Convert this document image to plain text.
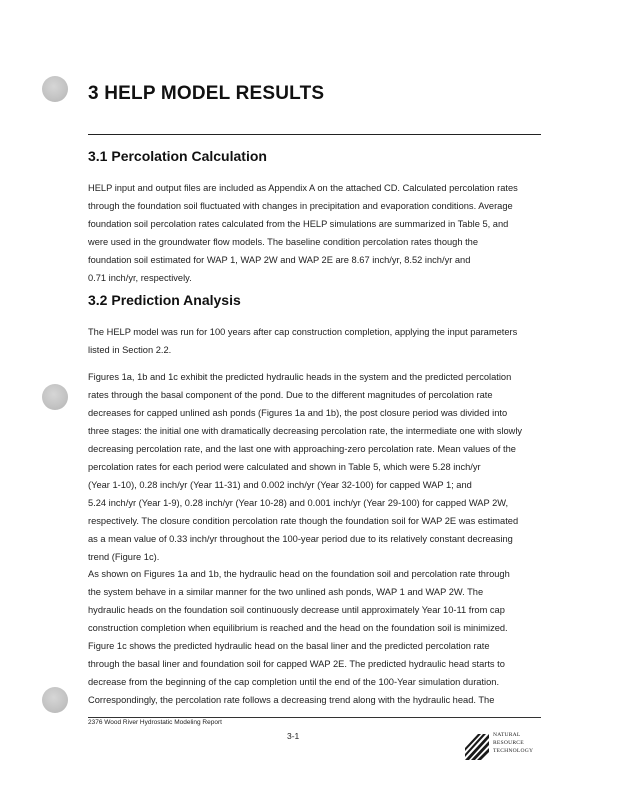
3 HELP MODEL RESULTS
3.1 Percolation Calculation
HELP input and output files are included as Appendix A on the attached CD. Calculated percolation rates
through the foundation soil fluctuated with changes in precipitation and evaporation conditions. Average
foundation soil percolation rates calculated from the HELP simulations are summarized in Table 5, and
were used in the groundwater flow models. The baseline condition percolation rates though the
foundation soil estimated for WAP 1, WAP 2W and WAP 2E are 8.67 inch/yr, 8.52 inch/yr and
0.71 inch/yr, respectively.
3.2 Prediction Analysis
The HELP model was run for 100 years after cap construction completion, applying the input parameters
listed in Section 2.2.
Figures 1a, 1b and 1c exhibit the predicted hydraulic heads in the system and the predicted percolation
rates through the basal component of the pond. Due to the different magnitudes of percolation rate
decreases for capped unlined ash ponds (Figures 1a and 1b), the post closure period was divided into
three stages: the initial one with dramatically decreasing percolation rate, the intermediate one with slowly
decreasing percolation rate, and the last one with approaching-zero percolation rate. Mean values of the
percolation rates for each period were calculated and shown in Table 5, which were 5.28 inch/yr
(Year 1-10), 0.28 inch/yr (Year 11-31) and 0.002 inch/yr (Year 32-100) for capped WAP 1; and
5.24 inch/yr (Year 1-9), 0.28 inch/yr (Year 10-28) and 0.001 inch/yr (Year 29-100) for capped WAP 2W,
respectively. The closure condition percolation rate though the foundation soil for WAP 2E was estimated
as a mean value of 0.33 inch/yr throughout the 100-year period due to its relatively constant decreasing
trend (Figure 1c).
As shown on Figures 1a and 1b, the hydraulic head on the foundation soil and percolation rate through
the system behave in a similar manner for the two unlined ash ponds, WAP 1 and WAP 2W. The
hydraulic heads on the foundation soil continuously decrease until approximately Year 10-11 from cap
construction completion when equilibrium is reached and the head on the foundation soil is minimized.
Figure 1c shows the predicted hydraulic head on the basal liner and the predicted percolation rate
through the basal liner and foundation soil for capped WAP 2E. The predicted hydraulic head starts to
decrease from the beginning of the cap completion until the end of the 100-Year simulation duration.
Correspondingly, the percolation rate follows a decreasing trend along with the hydraulic head. The
2376 Wood River Hydrostatic Modeling Report
3-1	NATURAL
RESOURCE
TECHNOLOGY
